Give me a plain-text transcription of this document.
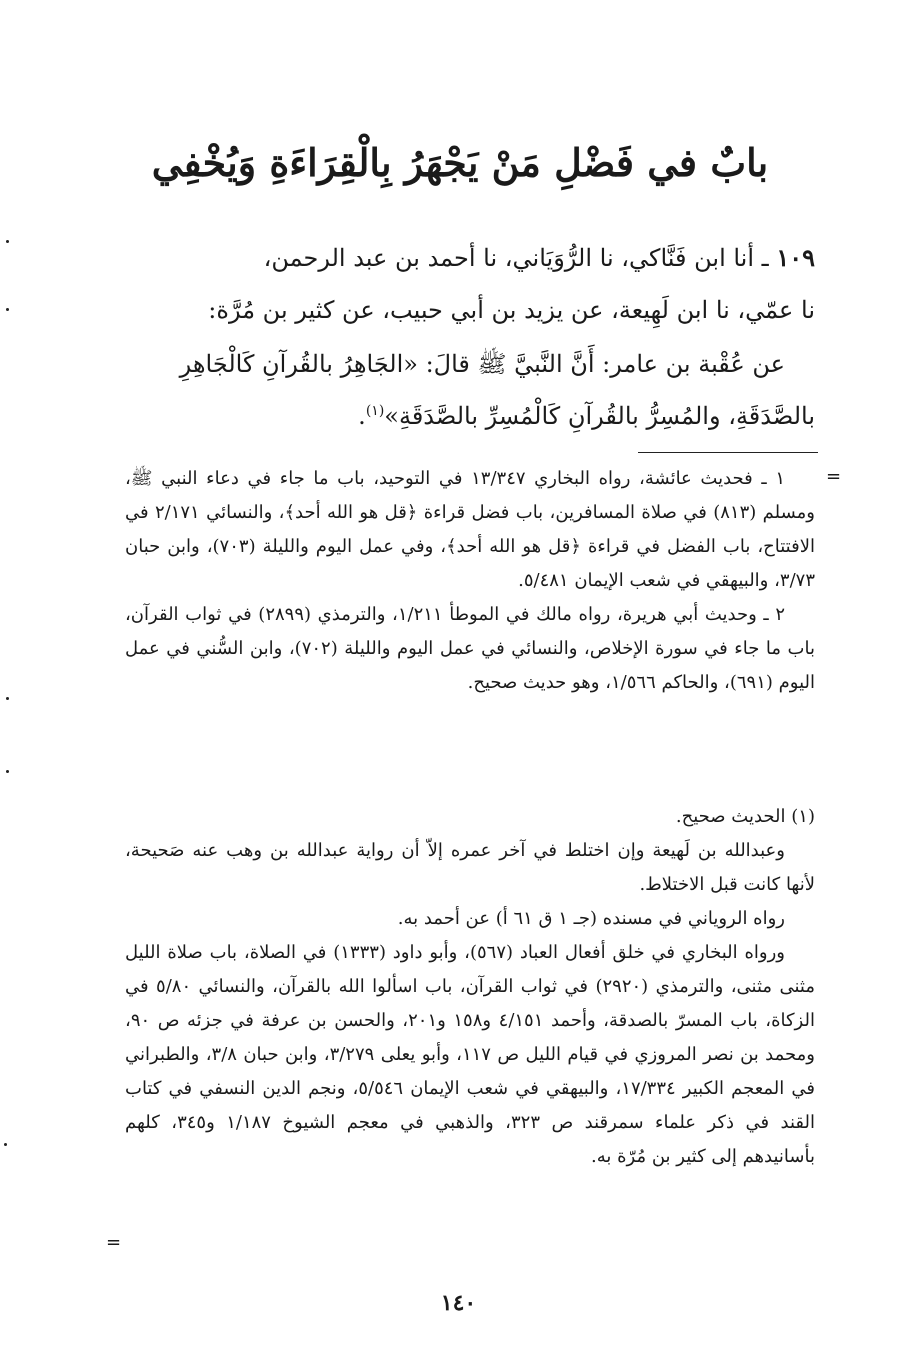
بابٌ في فَضْلِ مَنْ يَجْهَرُ بِالْقِرَاءَةِ وَيُخْفِي

١٠٩ ـ أنا ابن فَنَّاكي، نا الرُّوَيَاني، نا أحمد بن عبد الرحمن،

نا عمّي، نا ابن لَهِيعة، عن يزيد بن أبي حبيب، عن كثير بن مُرَّة:

عن عُقْبة بن عامر: أَنَّ النَّبيَّ ﷺ قالَ: «الجَاهِرُ بالقُرآنِ كَالْجَاهِرِ بالصَّدَقَةِ، والمُسِرُّ بالقُرآنِ كَالْمُسِرِّ بالصَّدَقَةِ»$^{(١)}$.

=

١ ـ فحديث عائشة، رواه البخاري ١٣/٣٤٧ في التوحيد، باب ما جاء في دعاء النبي ﷺ، ومسلم (٨١٣) في صلاة المسافرين، باب فضل قراءة ﴿قل هو الله أحد﴾، والنسائي ٢/١٧١ في الافتتاح، باب الفضل في قراءة ﴿قل هو الله أحد﴾، وفي عمل اليوم والليلة (٧٠٣)، وابن حبان ٣/٧٣، والبيهقي في شعب الإيمان ٥/٤٨١.

٢ ـ وحديث أبي هريرة، رواه مالك في الموطأ ١/٢١١، والترمذي (٢٨٩٩) في ثواب القرآن، باب ما جاء في سورة الإخلاص، والنسائي في عمل اليوم والليلة (٧٠٢)، وابن السُّني في عمل اليوم (٦٩١)، والحاكم ١/٥٦٦، وهو حديث صحيح.

(١) الحديث صحيح.

وعبدالله بن لَهيعة وإن اختلط في آخر عمره إلاّ أن رواية عبدالله بن وهب عنه صَحيحة، لأنها كانت قبل الاختلاط.

رواه الروياني في مسنده (جـ ١ ق ٦١ أ) عن أحمد به.

ورواه البخاري في خلق أفعال العباد (٥٦٧)، وأبو داود (١٣٣٣) في الصلاة، باب صلاة الليل مثنى مثنى، والترمذي (٢٩٢٠) في ثواب القرآن، باب اسألوا الله بالقرآن، والنسائي ٥/٨٠ في الزكاة، باب المسرّ بالصدقة، وأحمد ٤/١٥١ و١٥٨ و٢٠١، والحسن بن عرفة في جزئه ص ٩٠، ومحمد بن نصر المروزي في قيام الليل ص ١١٧، وأبو يعلى ٣/٢٧٩، وابن حبان ٣/٨، والطبراني في المعجم الكبير ١٧/٣٣٤، والبيهقي في شعب الإيمان ٥/٥٤٦، ونجم الدين النسفي في كتاب القند في ذكر علماء سمرقند ص ٣٢٣، والذهبي في معجم الشيوخ ١/١٨٧ و٣٤٥، كلهم بأسانيدهم إلى كثير بن مُرّة به.

=
١٤٠
